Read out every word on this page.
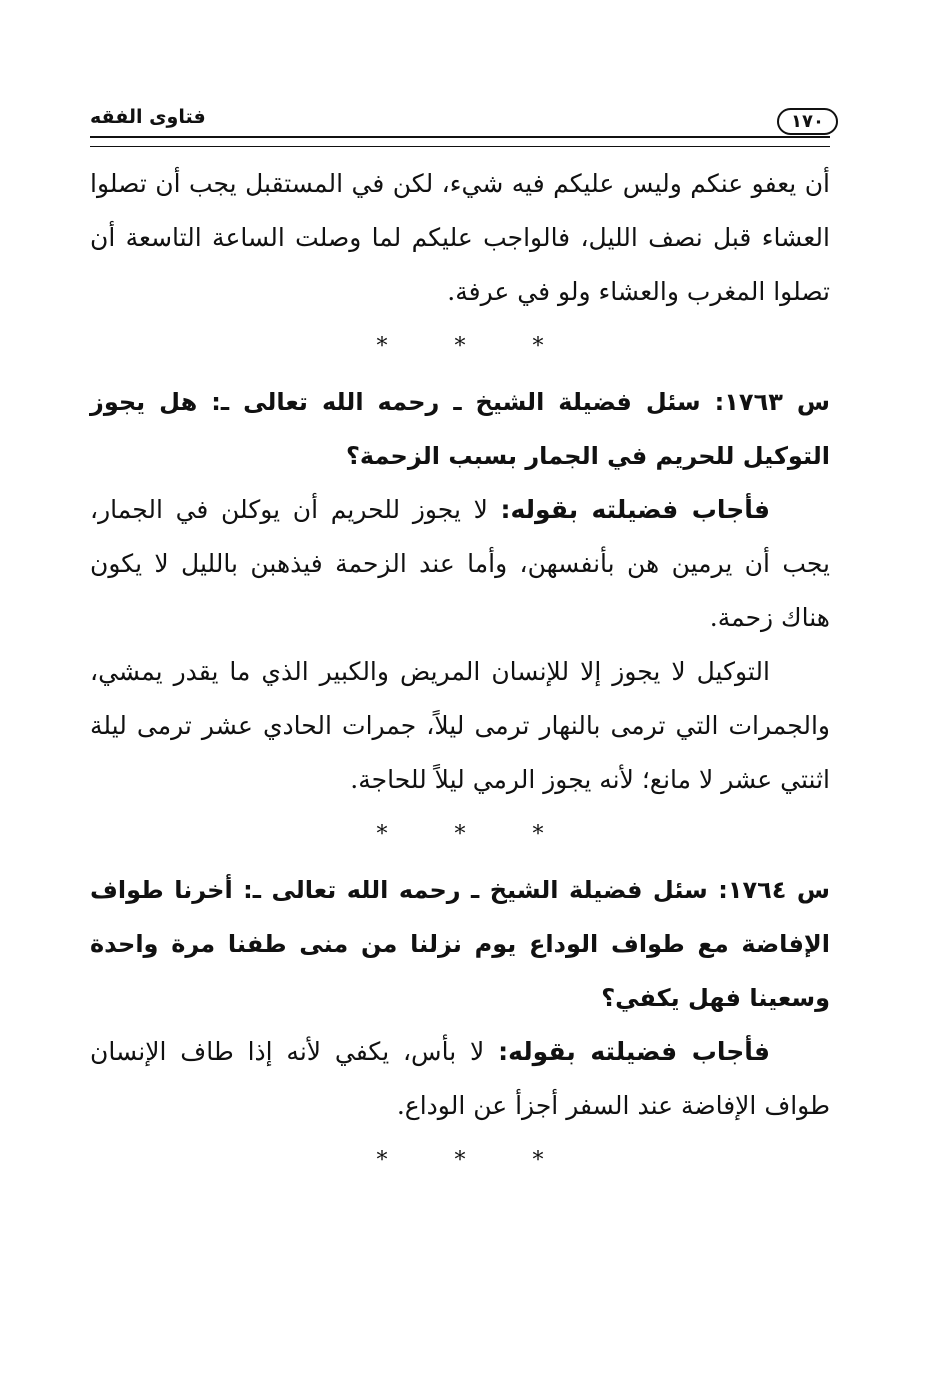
فتاوى الفقه	١٧٠

أن يعفو عنكم وليس عليكم فيه شيء، لكن في المستقبل يجب أن تصلوا العشاء قبل نصف الليل، فالواجب عليكم لما وصلت الساعة التاسعة أن تصلوا المغرب والعشاء ولو في عرفة.

* * *

س ١٧٦٣: سئل فضيلة الشيخ ـ رحمه الله تعالى ـ: هل يجوز التوكيل للحريم في الجمار بسبب الزحمة؟

فأجاب فضيلته بقوله: لا يجوز للحريم أن يوكلن في الجمار، يجب أن يرمين هن بأنفسهن، وأما عند الزحمة فيذهبن بالليل لا يكون هناك زحمة.

التوكيل لا يجوز إلا للإنسان المريض والكبير الذي ما يقدر يمشي، والجمرات التي ترمى بالنهار ترمى ليلاً، جمرات الحادي عشر ترمى ليلة اثنتي عشر لا مانع؛ لأنه يجوز الرمي ليلاً للحاجة.

* * *

س ١٧٦٤: سئل فضيلة الشيخ ـ رحمه الله تعالى ـ: أخرنا طواف الإفاضة مع طواف الوداع يوم نزلنا من منى طفنا مرة واحدة وسعينا فهل يكفي؟

فأجاب فضيلته بقوله: لا بأس، يكفي لأنه إذا طاف الإنسان طواف الإفاضة عند السفر أجزأ عن الوداع.

* * *
